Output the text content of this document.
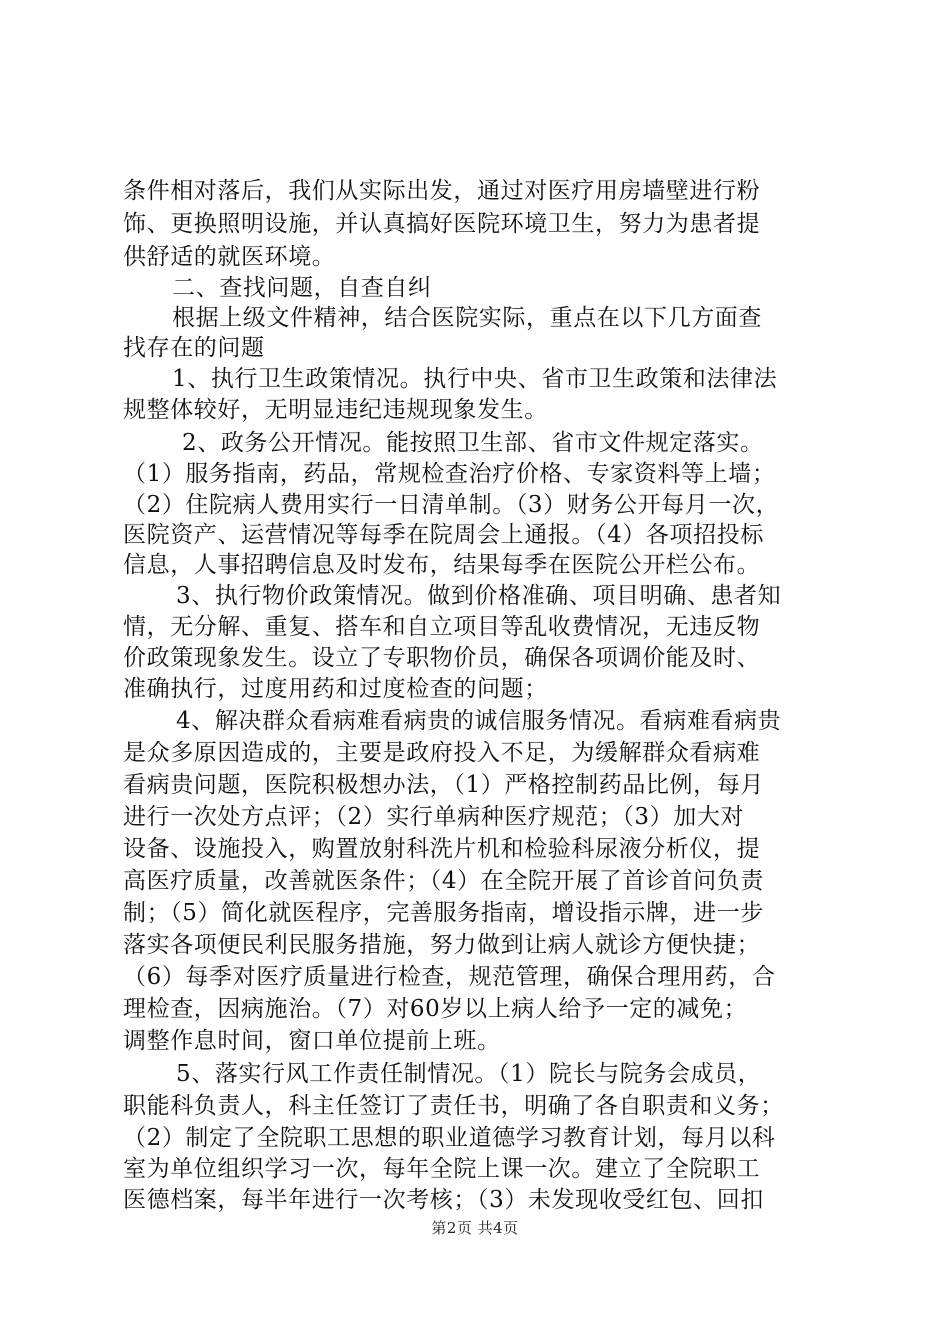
条件相对落后，我们从实际出发，通过对医疗用房墙壁进行粉
饰、更换照明设施，并认真搞好医院环境卫生，努力为患者提
供舒适的就医环境。
二、查找问题，自查自纠
根据上级文件精神，结合医院实际，重点在以下几方面查
找存在的问题
1、执行卫生政策情况。执行中央、省市卫生政策和法律法
规整体较好，无明显违纪违规现象发生。
2、政务公开情况。能按照卫生部、省市文件规定落实。
（1）服务指南，药品，常规检查治疗价格、专家资料等上墙；
（2）住院病人费用实行一日清单制。（3）财务公开每月一次，
医院资产、运营情况等每季在院周会上通报。（4）各项招投标
信息，人事招聘信息及时发布，结果每季在医院公开栏公布。
3、执行物价政策情况。做到价格准确、项目明确、患者知
情，无分解、重复、搭车和自立项目等乱收费情况，无违反物
价政策现象发生。设立了专职物价员，确保各项调价能及时、
准确执行，过度用药和过度检查的问题；
4、解决群众看病难看病贵的诚信服务情况。看病难看病贵
是众多原因造成的，主要是政府投入不足，为缓解群众看病难
看病贵问题，医院积极想办法，（1）严格控制药品比例，每月
进行一次处方点评；（2）实行单病种医疗规范；（3）加大对
设备、设施投入，购置放射科洗片机和检验科尿液分析仪，提
高医疗质量，改善就医条件；（4）在全院开展了首诊首问负责
制；（5）简化就医程序，完善服务指南，增设指示牌，进一步
落实各项便民利民服务措施，努力做到让病人就诊方便快捷；
（6）每季对医疗质量进行检查，规范管理，确保合理用药，合
理检查，因病施治。（7）对60岁以上病人给予一定的减免；
调整作息时间，窗口单位提前上班。
5、落实行风工作责任制情况。（1）院长与院务会成员，
职能科负责人，科主任签订了责任书，明确了各自职责和义务；
（2）制定了全院职工思想的职业道德学习教育计划，每月以科
室为单位组织学习一次，每年全院上课一次。建立了全院职工
医德档案，每半年进行一次考核；（3）未发现收受红包、回扣
第2页 共4页
